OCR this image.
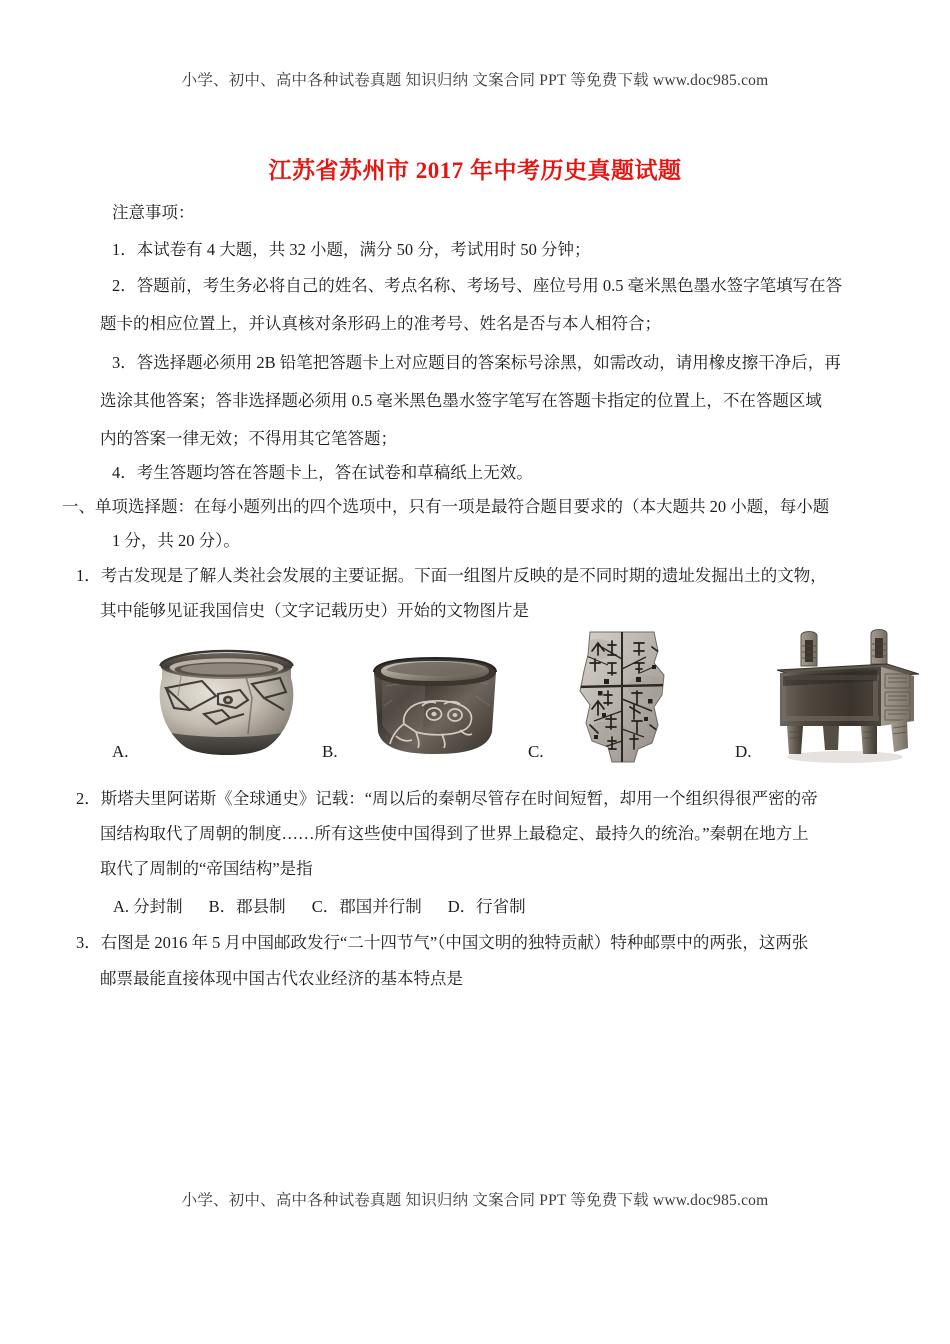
小学、初中、高中各种试卷真题 知识归纳 文案合同 PPT 等免费下载 www.doc985.com
江苏省苏州市 2017 年中考历史真题试题
注意事项：
1．本试卷有 4 大题，共 32 小题，满分 50 分，考试用时 50 分钟；
2．答题前，考生务必将自己的姓名、考点名称、考场号、座位号用 0.5 毫米黑色墨水签字笔填写在答
题卡的相应位置上，并认真核对条形码上的准考号、姓名是否与本人相符合；
3．答选择题必须用 2B 铅笔把答题卡上对应题目的答案标号涂黑，如需改动，请用橡皮擦干净后，再
选涂其他答案；答非选择题必须用 0.5 毫米黑色墨水签字笔写在答题卡指定的位置上，不在答题区域
内的答案一律无效；不得用其它笔答题；
4．考生答题均答在答题卡上，答在试卷和草稿纸上无效。
一、单项选择题：在每小题列出的四个选项中，只有一项是最符合题目要求的（本大题共 20 小题，每小题
1 分，共 20 分）。
1．考古发现是了解人类社会发展的主要证据。下面一组图片反映的是不同时期的遗址发掘出土的文物，
其中能够见证我国信史（文字记载历史）开始的文物图片是
2．斯塔夫里阿诺斯《全球通史》记载：“周以后的秦朝尽管存在时间短暂，却用一个组织得很严密的帝
国结构取代了周朝的制度……所有这些使中国得到了世界上最稳定、最持久的统治。”秦朝在地方上
取代了周制的“帝国结构”是指
A. 分封制 B．郡县制 C．郡国并行制 D．行省制
3．右图是 2016 年 5 月中国邮政发行“二十四节气”（中国文明的独特贡献）特种邮票中的两张，这两张
邮票最能直接体现中国古代农业经济的基本特点是
A.	B.	C.	D.
小学、初中、高中各种试卷真题 知识归纳 文案合同 PPT 等免费下载 www.doc985.com
